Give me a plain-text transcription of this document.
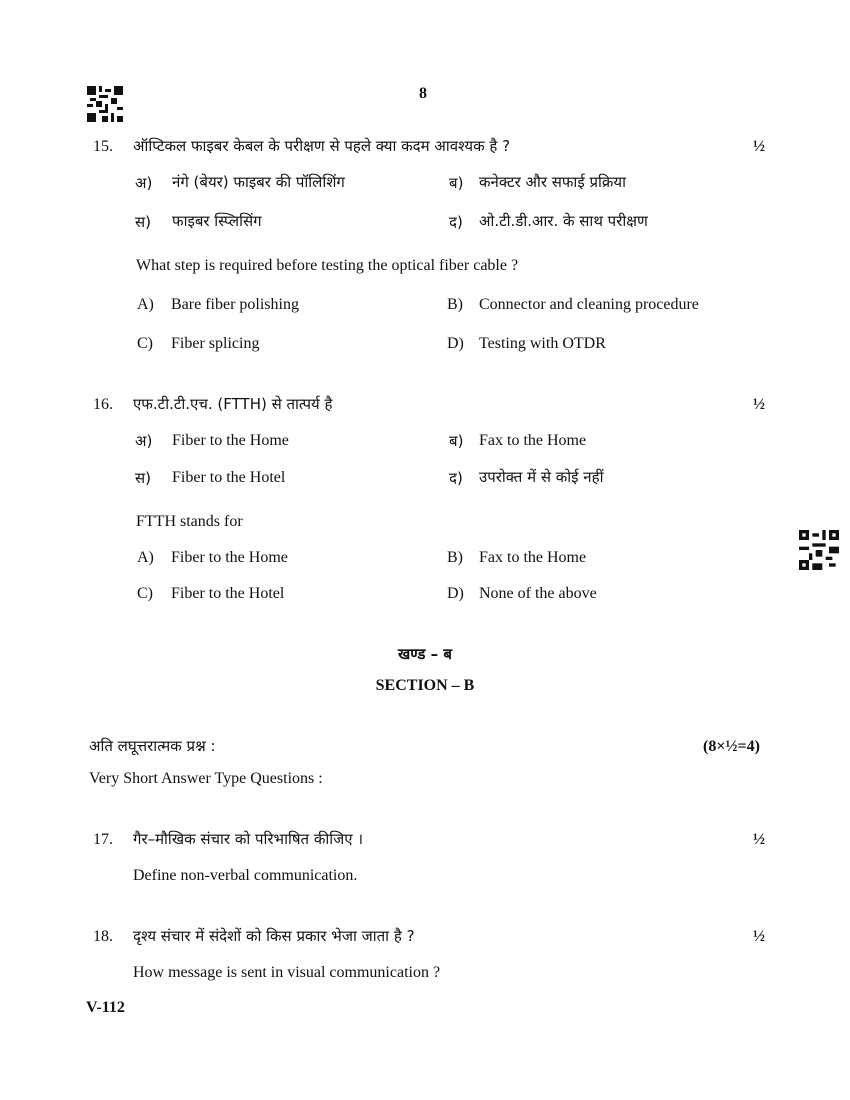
8
15. ऑप्टिकल फाइबर केबल के परीक्षण से पहले क्या कदम आवश्यक है ?	½
अ) नंगे (बेयर) फाइबर की पॉलिशिंग	ब) कनेक्टर और सफाई प्रक्रिया
स) फाइबर स्प्लिसिंग	द) ओ.टी.डी.आर. के साथ परीक्षण
What step is required before testing the optical fiber cable ?
A) Bare fiber polishing	B) Connector and cleaning procedure
C) Fiber splicing	D) Testing with OTDR
16. एफ.टी.टी.एच. (FTTH) से तात्पर्य है	½
अ) Fiber to the Home	ब) Fax to the Home
स) Fiber to the Hotel	द) उपरोक्त में से कोई नहीं
FTTH stands for
A) Fiber to the Home	B) Fax to the Home
C) Fiber to the Hotel	D) None of the above
खण्ड – ब
SECTION – B
अति लघूत्तरात्मक प्रश्न :	(8×½=4)
Very Short Answer Type Questions :
17. गैर–मौखिक संचार को परिभाषित कीजिए ।	½
Define non-verbal communication.
18. दृश्य संचार में संदेशों को किस प्रकार भेजा जाता है ?	½
How message is sent in visual communication ?
V-112
